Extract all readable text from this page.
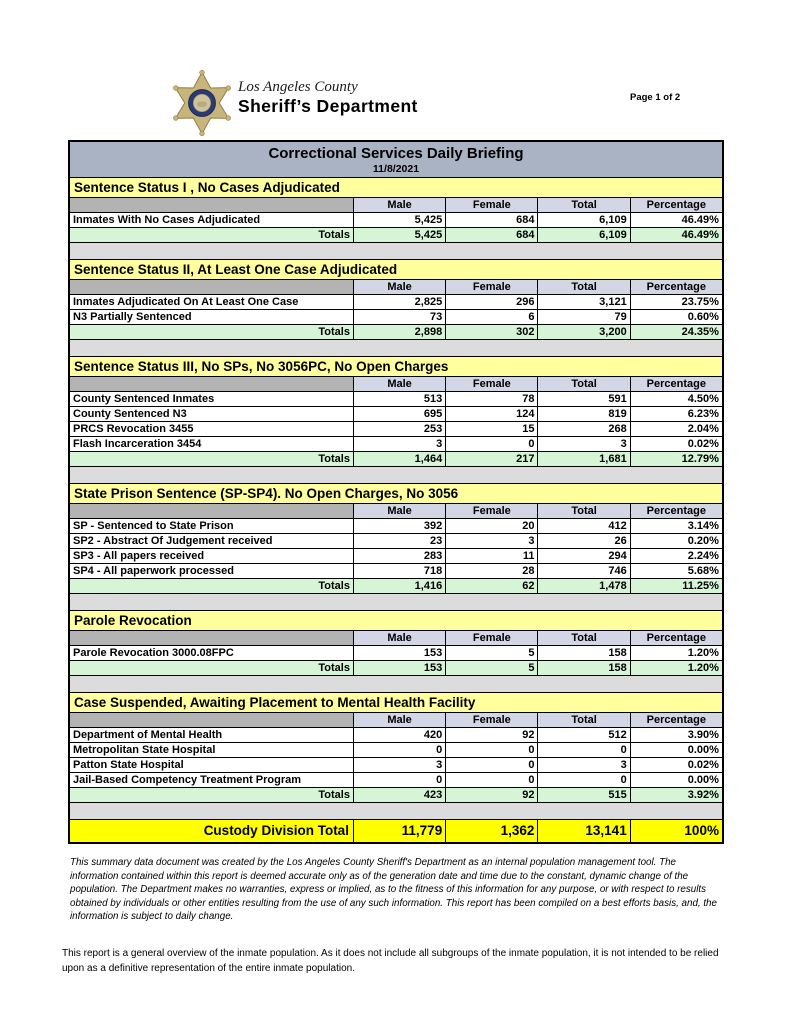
Los Angeles County
Sheriff’s Department	Page 1 of 2
Correctional Services Daily Briefing
11/8/2021
Sentence Status I , No Cases Adjudicated
Male	Female	Total	Percentage
Inmates With No Cases Adjudicated	5,425	684	6,109	46.49%
Totals	5,425	684	6,109	46.49%
Sentence Status II, At Least One Case Adjudicated
Male	Female	Total	Percentage
Inmates Adjudicated On At Least One Case	2,825	296	3,121	23.75%
N3 Partially Sentenced	73	6	79	0.60%
Totals	2,898	302	3,200	24.35%
Sentence Status III, No SPs, No 3056PC, No Open Charges
Male	Female	Total	Percentage
County Sentenced Inmates	513	78	591	4.50%
County Sentenced N3	695	124	819	6.23%
PRCS Revocation 3455	253	15	268	2.04%
Flash Incarceration 3454	3	0	3	0.02%
Totals	1,464	217	1,681	12.79%
State Prison Sentence (SP-SP4). No Open Charges, No 3056
Male	Female	Total	Percentage
SP - Sentenced to State Prison	392	20	412	3.14%
SP2 - Abstract Of Judgement received	23	3	26	0.20%
SP3 - All papers received	283	11	294	2.24%
SP4 - All paperwork processed	718	28	746	5.68%
Totals	1,416	62	1,478	11.25%
Parole Revocation
Male	Female	Total	Percentage
Parole Revocation 3000.08FPC	153	5	158	1.20%
Totals	153	5	158	1.20%
Case Suspended, Awaiting Placement to Mental Health Facility
Male	Female	Total	Percentage
Department of Mental Health	420	92	512	3.90%
Metropolitan State Hospital	0	0	0	0.00%
Patton State Hospital	3	0	3	0.02%
Jail-Based Competency Treatment Program	0	0	0	0.00%
Totals	423	92	515	3.92%
Custody Division Total	11,779	1,362	13,141	100%

This summary data document was created by the Los Angeles County Sheriff's Department as an internal population management tool. The information contained within this report is deemed accurate only as of the generation date and time due to the constant, dynamic change of the population. The Department makes no warranties, express or implied, as to the fitness of this information for any purpose, or with respect to results obtained by individuals or other entities resulting from the use of any such information. This report has been compiled on a best efforts basis, and, the information is subject to daily change.

This report is a general overview of the inmate population. As it does not include all subgroups of the inmate population, it is not intended to be relied upon as a definitive representation of the entire inmate population.
